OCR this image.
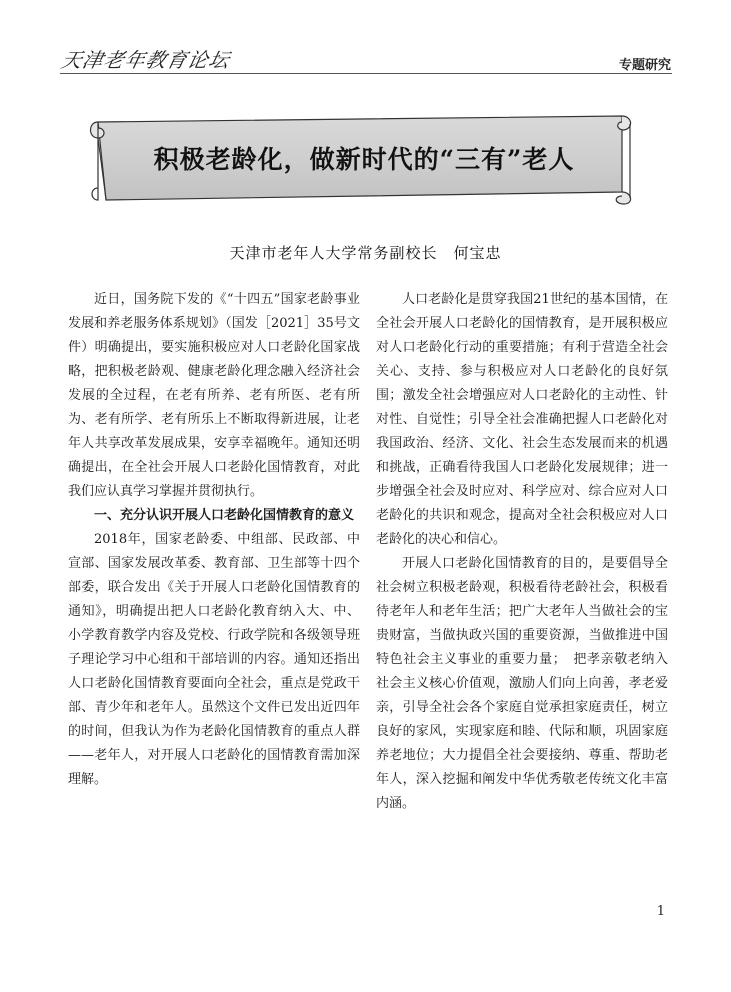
天津老年教育论坛	专题研究
积极老龄化，做新时代的“三有”老人
天津市老年人大学常务副校长　何宝忠

近日，国务院下发的《“十四五”国家老龄事业发展和养老服务体系规划》（国发［2021］35号文件）明确提出，要实施积极应对人口老龄化国家战略，把积极老龄观、健康老龄化理念融入经济社会发展的全过程，在老有所养、老有所医、老有所为、老有所学、老有所乐上不断取得新进展，让老年人共享改革发展成果，安享幸福晚年。通知还明确提出，在全社会开展人口老龄化国情教育，对此我们应认真学习掌握并贯彻执行。

一、充分认识开展人口老龄化国情教育的意义

2018年，国家老龄委、中组部、民政部、中宣部、国家发展改革委、教育部、卫生部等十四个部委，联合发出《关于开展人口老龄化国情教育的通知》，明确提出把人口老龄化教育纳入大、中、小学教育教学内容及党校、行政学院和各级领导班子理论学习中心组和干部培训的内容。通知还指出人口老龄化国情教育要面向全社会，重点是党政干部、青少年和老年人。虽然这个文件已发出近四年的时间，但我认为作为老龄化国情教育的重点人群——老年人，对开展人口老龄化的国情教育需加深理解。

人口老龄化是贯穿我国21世纪的基本国情，在全社会开展人口老龄化的国情教育，是开展积极应对人口老龄化行动的重要措施；有利于营造全社会关心、支持、参与积极应对人口老龄化的良好氛围；激发全社会增强应对人口老龄化的主动性、针对性、自觉性；引导全社会准确把握人口老龄化对我国政治、经济、文化、社会生态发展而来的机遇和挑战，正确看待我国人口老龄化发展规律；进一步增强全社会及时应对、科学应对、综合应对人口老龄化的共识和观念，提高对全社会积极应对人口老龄化的决心和信心。

开展人口老龄化国情教育的目的，是要倡导全社会树立积极老龄观，积极看待老龄社会，积极看待老年人和老年生活；把广大老年人当做社会的宝贵财富，当做执政兴国的重要资源，当做推进中国特色社会主义事业的重要力量；　把孝亲敬老纳入社会主义核心价值观，激励人们向上向善，孝老爱亲，引导全社会各个家庭自觉承担家庭责任，树立良好的家风，实现家庭和睦、代际和顺，巩固家庭养老地位；大力提倡全社会要接纳、尊重、帮助老年人，深入挖掘和阐发中华优秀敬老传统文化丰富内涵。

1
